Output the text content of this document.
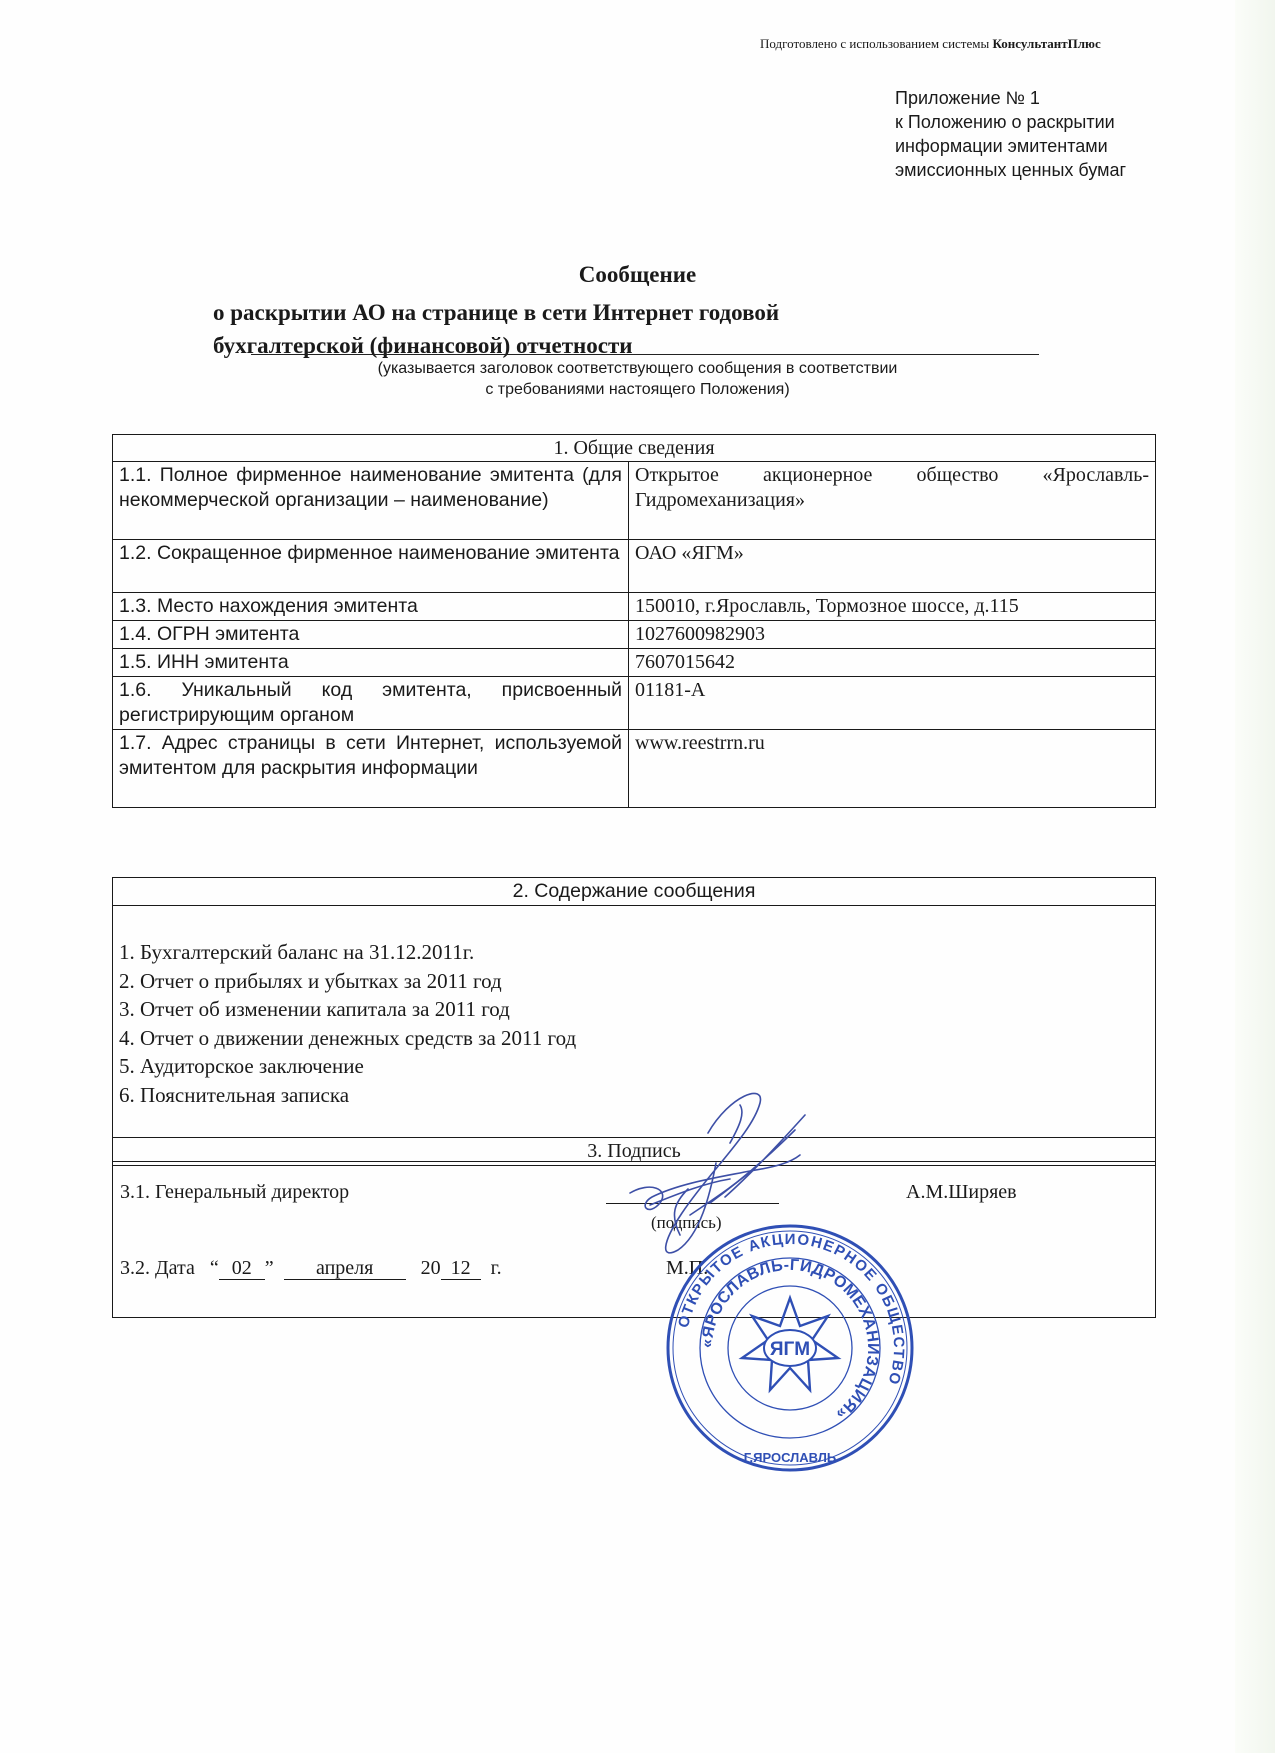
Подготовлено с использованием системы КонсультантПлюс
Приложение № 1
к Положению о раскрытии
информации эмитентами
эмиссионных ценных бумаг
Сообщение
о раскрытии АО на странице в сети Интернет годовой
бухгалтерской (финансовой) отчетности
(указывается заголовок соответствующего сообщения в соответствии
с требованиями настоящего Положения)
1. Общие сведения	
1.1. Полное фирменное наименование эмитента (для некоммерческой организации – наименование)	Открытое акционерное общество «Ярославль-Гидромеханизация»
1.2. Сокращенное фирменное наименование эмитента	ОАО «ЯГМ»
1.3. Место нахождения эмитента	150010, г.Ярославль, Тормозное шоссе, д.115
1.4. ОГРН эмитента	1027600982903
1.5. ИНН эмитента	7607015642
1.6. Уникальный код эмитента, присвоенный регистрирующим органом	01181-А
1.7. Адрес страницы в сети Интернет, используемой эмитентом для раскрытия информации	www.reestrrn.ru
2. Содержание сообщения

1. Бухгалтерский баланс на 31.12.2011г.
2. Отчет о прибылях и убытках за 2011 год
3. Отчет об изменении капитала за 2011 год
4. Отчет о движении денежных средств за 2011 год
5. Аудиторское заключение
6. Пояснительная записка
3. Подпись

3.1. Генеральный директор
(подпись)
А.М.Ширяев
3.2. Дата “ 02 ” апреля 20 12 г.	М.П.
ОТКРЫТОЕ АКЦИОНЕРНОЕ ОБЩЕСТВО
«ЯРОСЛАВЛЬ-ГИДРОМЕХАНИЗАЦИЯ»
ЯГМ
Г.ЯРОСЛАВЛЬ
